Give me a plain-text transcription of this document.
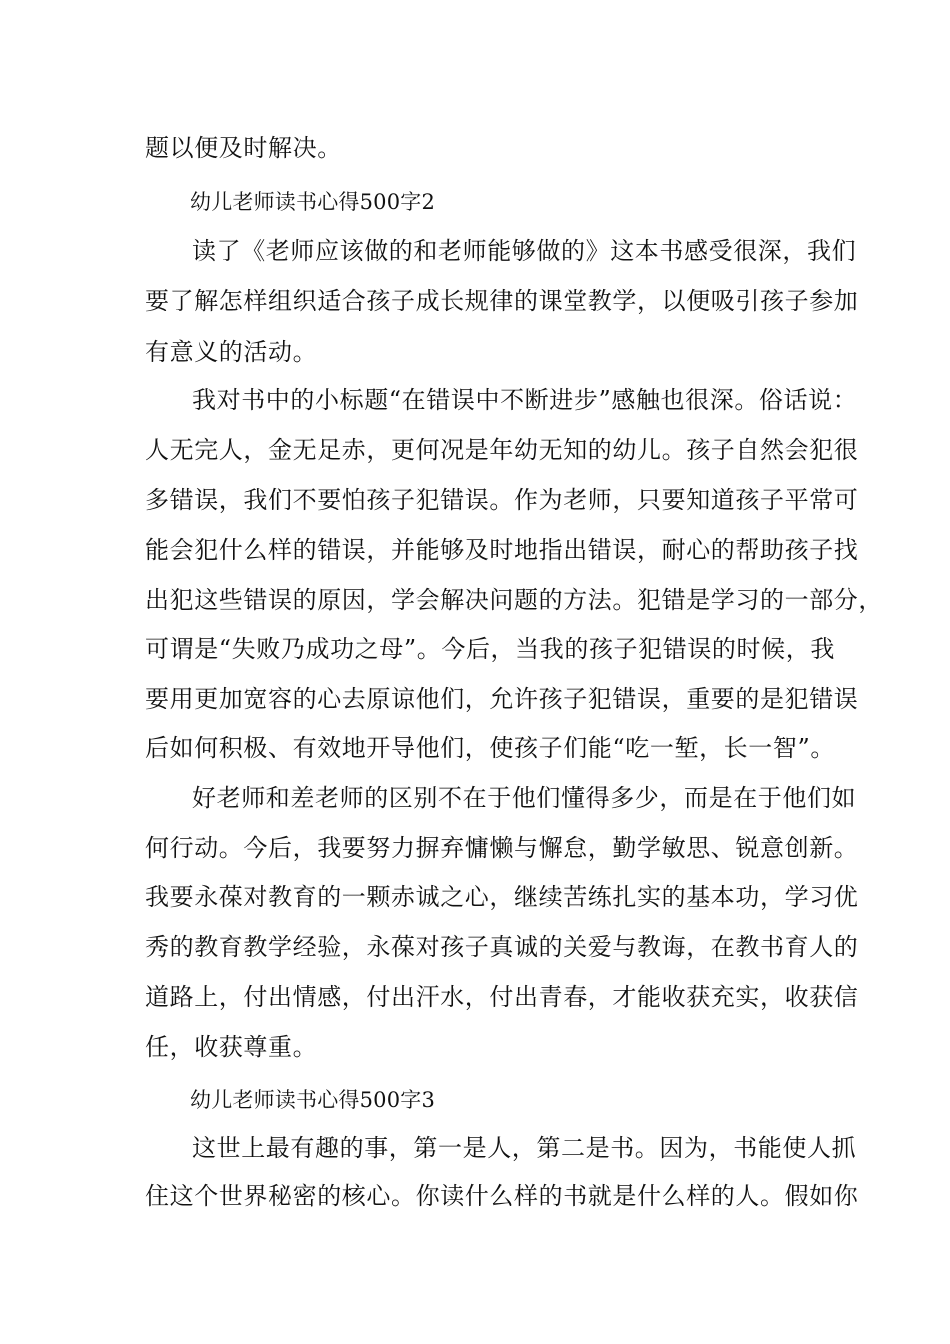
题以便及时解决。
幼儿老师读书心得500字2
读了《老师应该做的和老师能够做的》这本书感受很深，我们
要了解怎样组织适合孩子成长规律的课堂教学，以便吸引孩子参加
有意义的活动。
我对书中的小标题“在错误中不断进步”感触也很深。俗话说：
人无完人，金无足赤，更何况是年幼无知的幼儿。孩子自然会犯很
多错误，我们不要怕孩子犯错误。作为老师，只要知道孩子平常可
能会犯什么样的错误，并能够及时地指出错误，耐心的帮助孩子找
出犯这些错误的原因，学会解决问题的方法。犯错是学习的一部分，
可谓是“失败乃成功之母”。今后，当我的孩子犯错误的时候，我
要用更加宽容的心去原谅他们，允许孩子犯错误，重要的是犯错误
后如何积极、有效地开导他们，使孩子们能“吃一堑，长一智”。
好老师和差老师的区别不在于他们懂得多少，而是在于他们如
何行动。今后，我要努力摒弃慵懒与懈怠，勤学敏思、锐意创新。
我要永葆对教育的一颗赤诚之心，继续苦练扎实的基本功，学习优
秀的教育教学经验，永葆对孩子真诚的关爱与教诲，在教书育人的
道路上，付出情感，付出汗水，付出青春，才能收获充实，收获信
任，收获尊重。
幼儿老师读书心得500字3
这世上最有趣的事，第一是人，第二是书。因为，书能使人抓
住这个世界秘密的核心。你读什么样的书就是什么样的人。假如你
